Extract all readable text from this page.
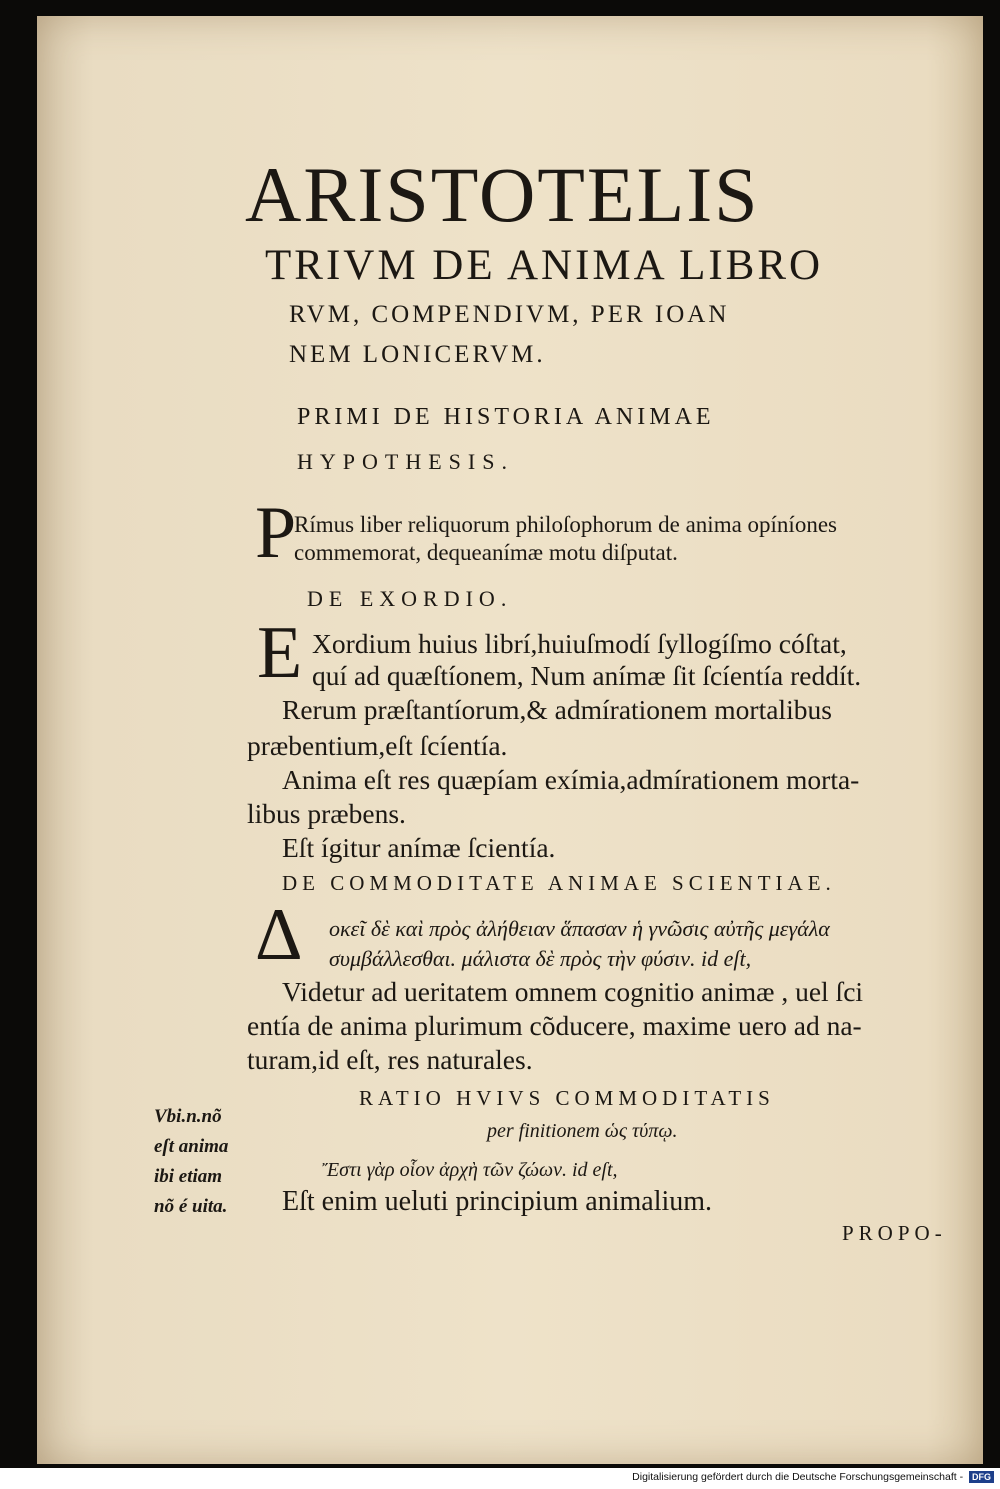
ARISTOTELIS
TRIVM DE ANIMA LIBRO
RVM, COMPENDIVM, PER IOAN
NEM LONICERVM.
PRIMI DE HISTORIA ANIMAE
HYPOTHESIS.
P
Rímus liber reliquorum philoſophorum de anima opíníones
commemorat, dequeanímæ motu diſputat.
DE EXORDIO.
E Xordium huius librí,huiuſmodí ſyllogíſmo cóſtat,
quí ad quæſtíonem, Num anímæ ſit ſcíentía reddít.
Rerum præſtantíorum,& admírationem mortalibus
præbentium,eſt ſcíentía.
Anima eſt res quæpíam exímia,admírationem morta-
libus præbens.
Eſt ígitur anímæ ſcientía.
DE COMMODITATE ANIMAE SCIENTIAE.
Δ οκεῖ δὲ καὶ πρὸς ἀλήθειαν ἅπασαν ἡ γνῶσις αὐτῆς μεγάλα
συμβάλλεσθαι. μάλιστα δὲ πρὸς τὴν φύσιν. id eſt,
Videtur ad ueritatem omnem cognitio animæ , uel ſci
entía de anima plurimum cõducere, maxime uero ad na-
turam,id eſt, res naturales.
Vbi.n.nõ
eſt anima
ibi etiam
nõ é uita.
RATIO HVIVS COMMODITATIS
per finitionem ὡς τύπῳ.
Ἔστι γὰρ οἷον ἀρχὴ τῶν ζώων. id eſt,
Eſt enim ueluti principium animalium.
PROPO-
Digitalisierung gefördert durch die Deutsche Forschungsgemeinschaft - DFG
